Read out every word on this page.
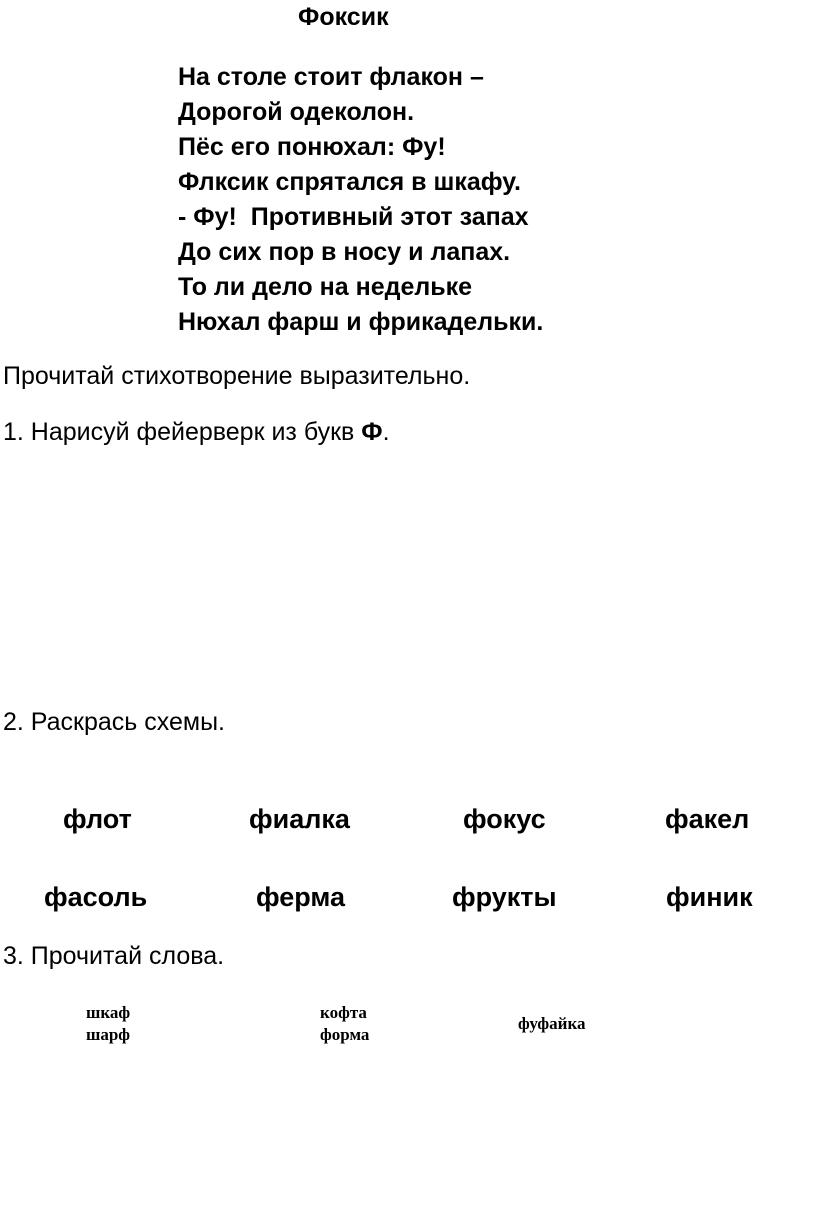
Фоксик
На столе стоит флакон –
Дорогой одеколон.
Пёс его понюхал: Фу!
Флксик спрятался в шкафу.
- Фу!  Противный этот запах
До сих пор в носу и лапах.
То ли дело на недельке
Нюхал фарш и фрикадельки.
Прочитай стихотворение выразительно.
1. Нарисуй фейерверк из букв Ф.
2. Раскрась схемы.
флот	фиалка	фокус	факел
фасоль	ферма	фрукты	финик
3. Прочитай слова.
шкаф
шарф
кофта
форма
фуфайка
